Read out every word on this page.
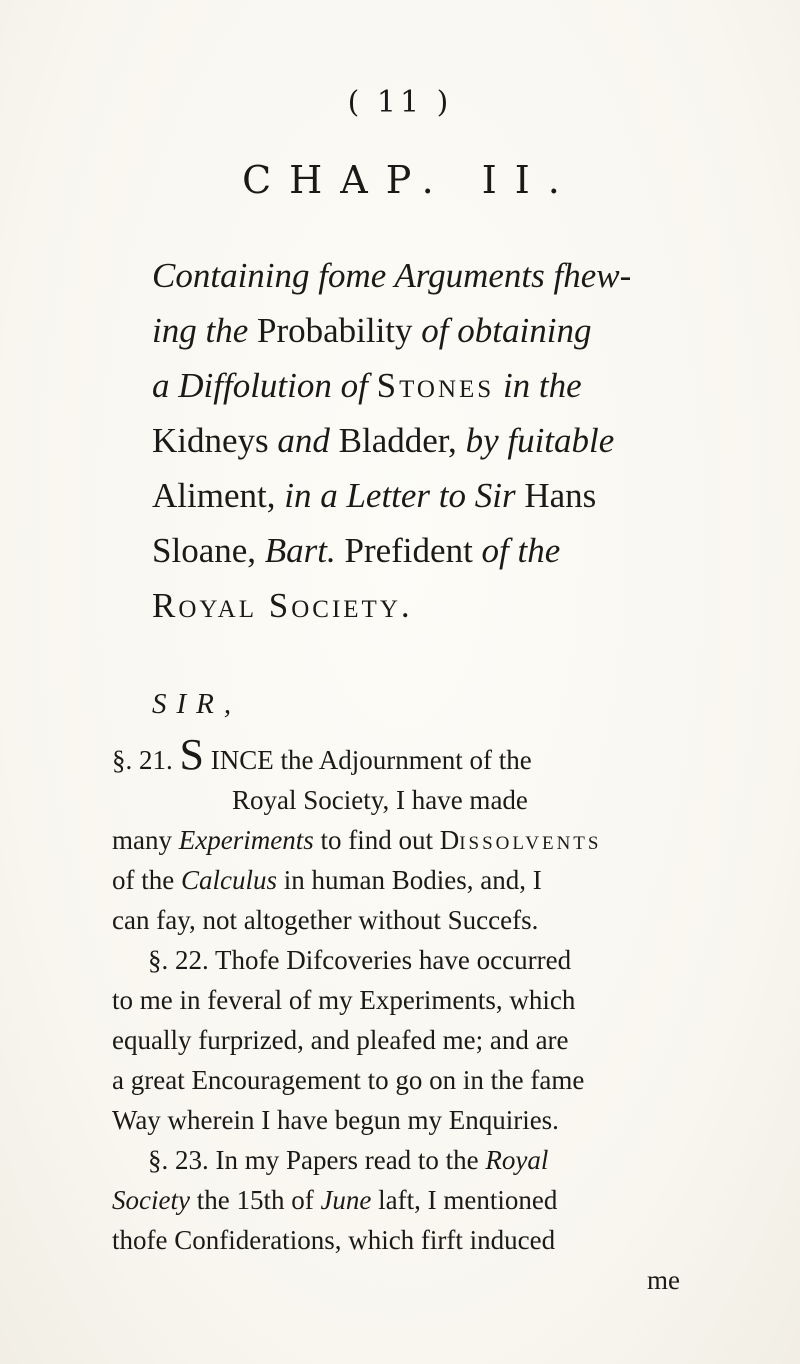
( 11 )
CHAP. II.
Containing fome Arguments fhew-
ing the Probability of obtaining
a Diffolution of Stones in the
Kidneys and Bladder, by fuitable
Aliment, in a Letter to Sir Hans
Sloane, Bart. Prefident of the
Royal Society.
SIR,
§. 21. S INCE the Adjournment of the
Royal Society, I have made
many Experiments to find out Dissolvents
of the Calculus in human Bodies, and, I
can fay, not altogether without Succefs.
§. 22. Thofe Difcoveries have occurred
to me in feveral of my Experiments, which
equally furprized, and pleafed me; and are
a great Encouragement to go on in the fame
Way wherein I have begun my Enquiries.
§. 23. In my Papers read to the Royal
Society the 15th of June laft, I mentioned
thofe Confiderations, which firft induced
me
